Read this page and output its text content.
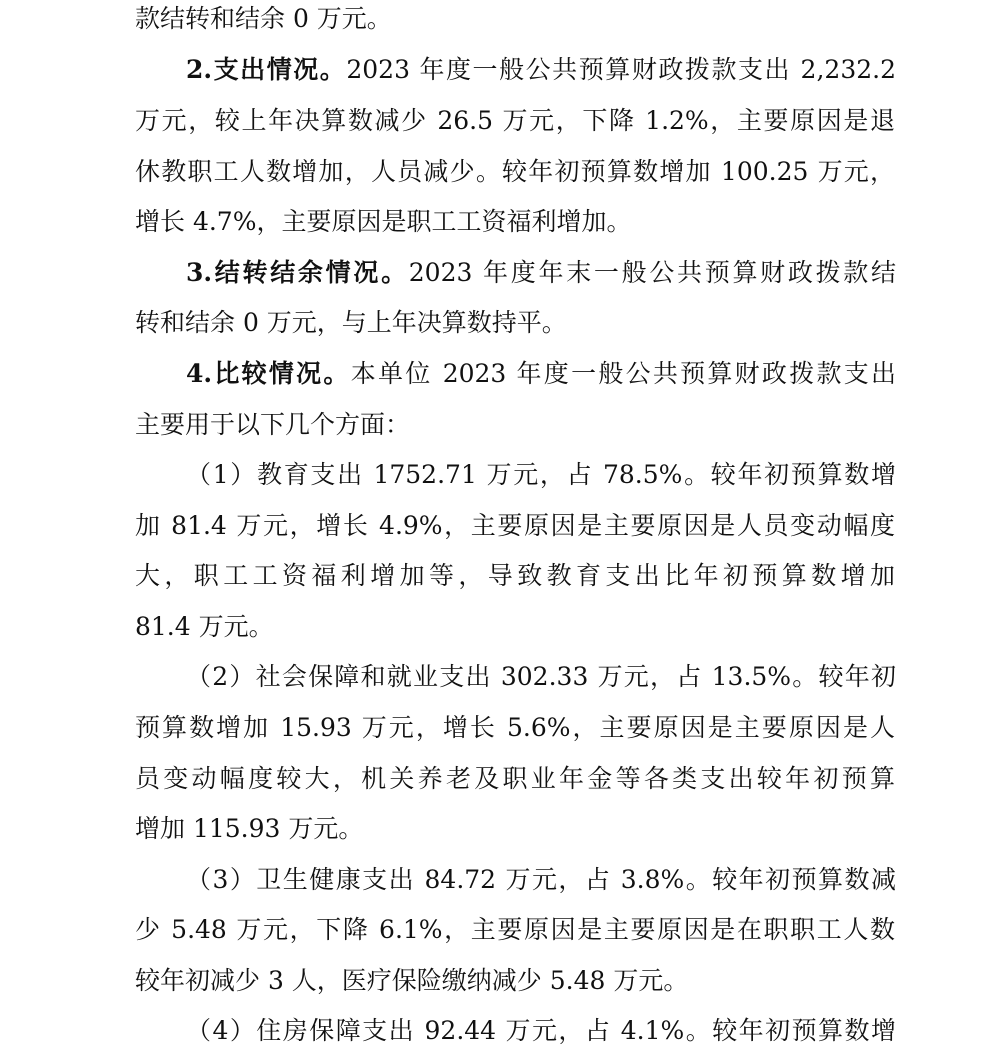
款结转和结余 0 万元。
2.支出情况。2023 年度一般公共预算财政拨款支出 2,232.2
万元，较上年决算数减少 26.5 万元，下降 1.2%，主要原因是退
休教职工人数增加，人员减少。较年初预算数增加 100.25 万元，
增长 4.7%，主要原因是职工工资福利增加。
3.结转结余情况。2023 年度年末一般公共预算财政拨款结
转和结余 0 万元，与上年决算数持平。
4.比较情况。本单位 2023 年度一般公共预算财政拨款支出
主要用于以下几个方面：
（1）教育支出 1752.71 万元，占 78.5%。较年初预算数增
加 81.4 万元，增长 4.9%，主要原因是主要原因是人员变动幅度
大，职工工资福利增加等，导致教育支出比年初预算数增加
81.4 万元。
（2）社会保障和就业支出 302.33 万元，占 13.5%。较年初
预算数增加 15.93 万元，增长 5.6%，主要原因是主要原因是人
员变动幅度较大，机关养老及职业年金等各类支出较年初预算
增加 115.93 万元。
（3）卫生健康支出 84.72 万元，占 3.8%。较年初预算数减
少 5.48 万元，下降 6.1%，主要原因是主要原因是在职职工人数
较年初减少 3 人，医疗保险缴纳减少 5.48 万元。
（4）住房保障支出 92.44 万元，占 4.1%。较年初预算数增
